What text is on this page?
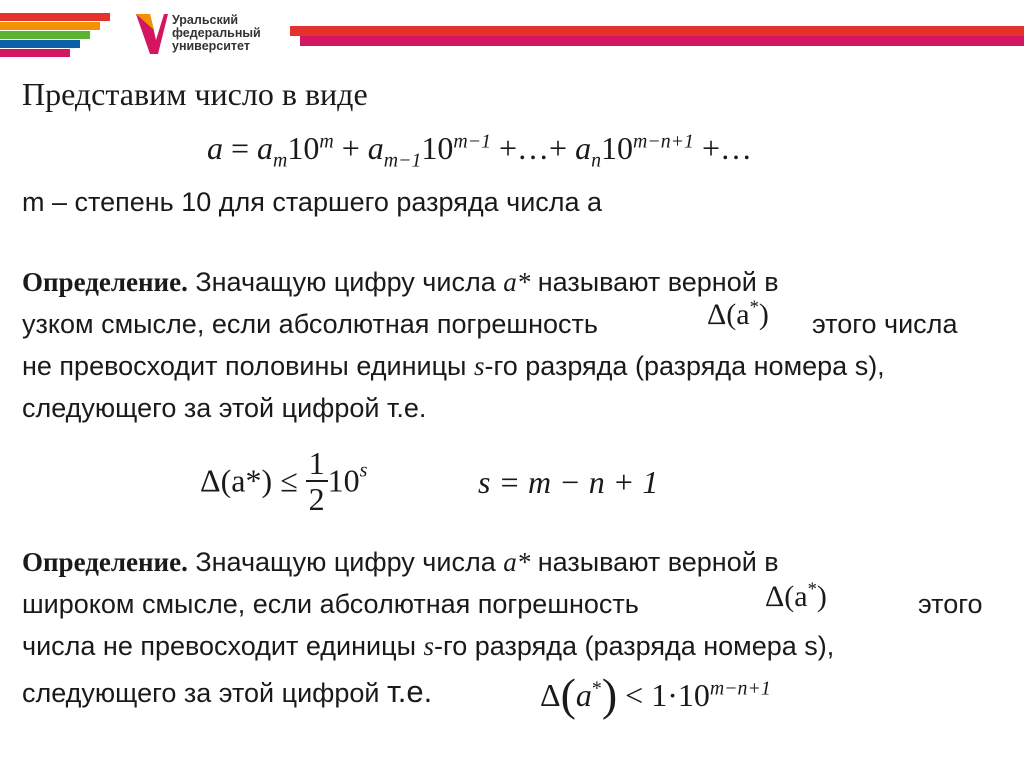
Уральский
федеральный
университет
Представим число в виде
$a = a_m10^m + a_{m-1}10^{m-1}$ +…+ $a_n10^{m-n+1}$ +…
m – степень 10 для старшего разряда числа a
Определение. Значащую цифру числа a* называют верной в
узком смысле, если абсолютная погрешность	Δ(a*) этого числа
не превосходит половины единицы s-го разряда (разряда номера s),
следующего за этой цифрой т.е.
$\Delta(a*) \le \frac{1}{2} 10^s$	s = m − n + 1
Определение. Значащую цифру числа a* называют верной в
широком смысле, если абсолютная погрешность	Δ(a*)	этого
числа не превосходит единицы s-го разряда (разряда номера s),
следующего за этой цифрой т.е.	$\Delta(a^*) < 1\cdot 10^{m-n+1}$
